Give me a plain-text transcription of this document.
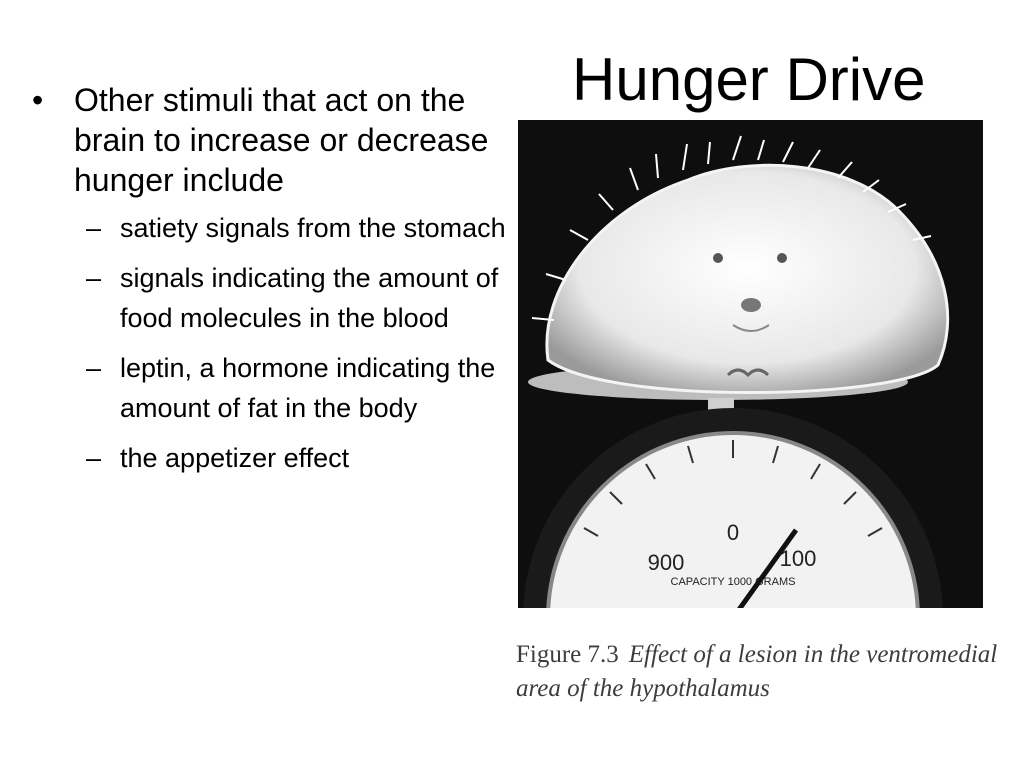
Hunger Drive
• Other stimuli that act on the brain to increase or decrease hunger include
– satiety signals from the stomach
– signals indicating the amount of food molecules in the blood
– leptin, a hormone indicating the amount of fat in the body
– the appetizer effect
0
900	100
CAPACITY 1000 GRAMS
Figure 7.3 Effect of a lesion in the ventromedial area of the hypothalamus
